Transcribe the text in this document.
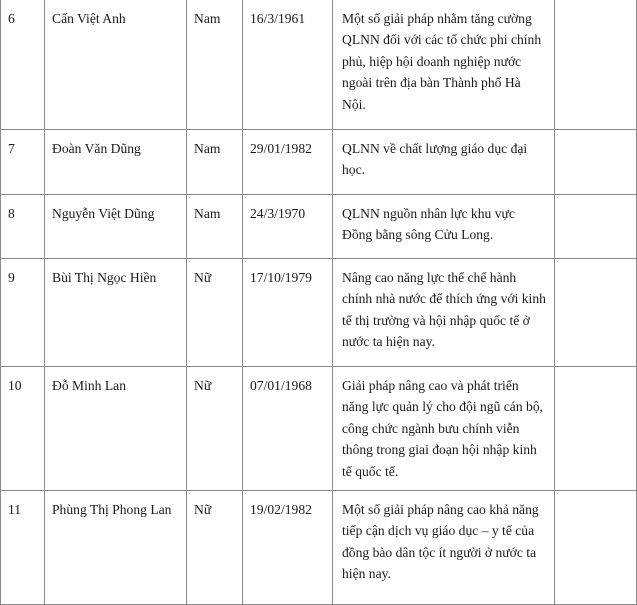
6	Cấn Việt Anh	Nam	16/3/1961	Một số giải pháp nhằm tăng cường QLNN đối với các tổ chức phi chính phủ, hiệp hội doanh nghiệp nước ngoài trên địa bàn Thành phố Hà Nội.	
7	Đoàn Văn Dũng	Nam	29/01/1982	QLNN về chất lượng giáo dục đại học.	
8	Nguyễn Việt Dũng	Nam	24/3/1970	QLNN nguồn nhân lực khu vực Đồng bằng sông Cửu Long.	
9	Bùi Thị Ngọc Hiền	Nữ	17/10/1979	Nâng cao năng lực thể chế hành chính nhà nước để thích ứng với kinh tế thị trường và hội nhập quốc tế ở nước ta hiện nay.	
10	Đỗ Minh Lan	Nữ	07/01/1968	Giải pháp nâng cao và phát triển năng lực quản lý cho đội ngũ cán bộ, công chức ngành bưu chính viễn thông trong giai đoạn hội nhập kinh tế quốc tế.	
11	Phùng Thị Phong Lan	Nữ	19/02/1982	Một số giải pháp nâng cao khả năng tiếp cận dịch vụ giáo dục – y tế của đồng bào dân tộc ít người ở nước ta hiện nay.	
